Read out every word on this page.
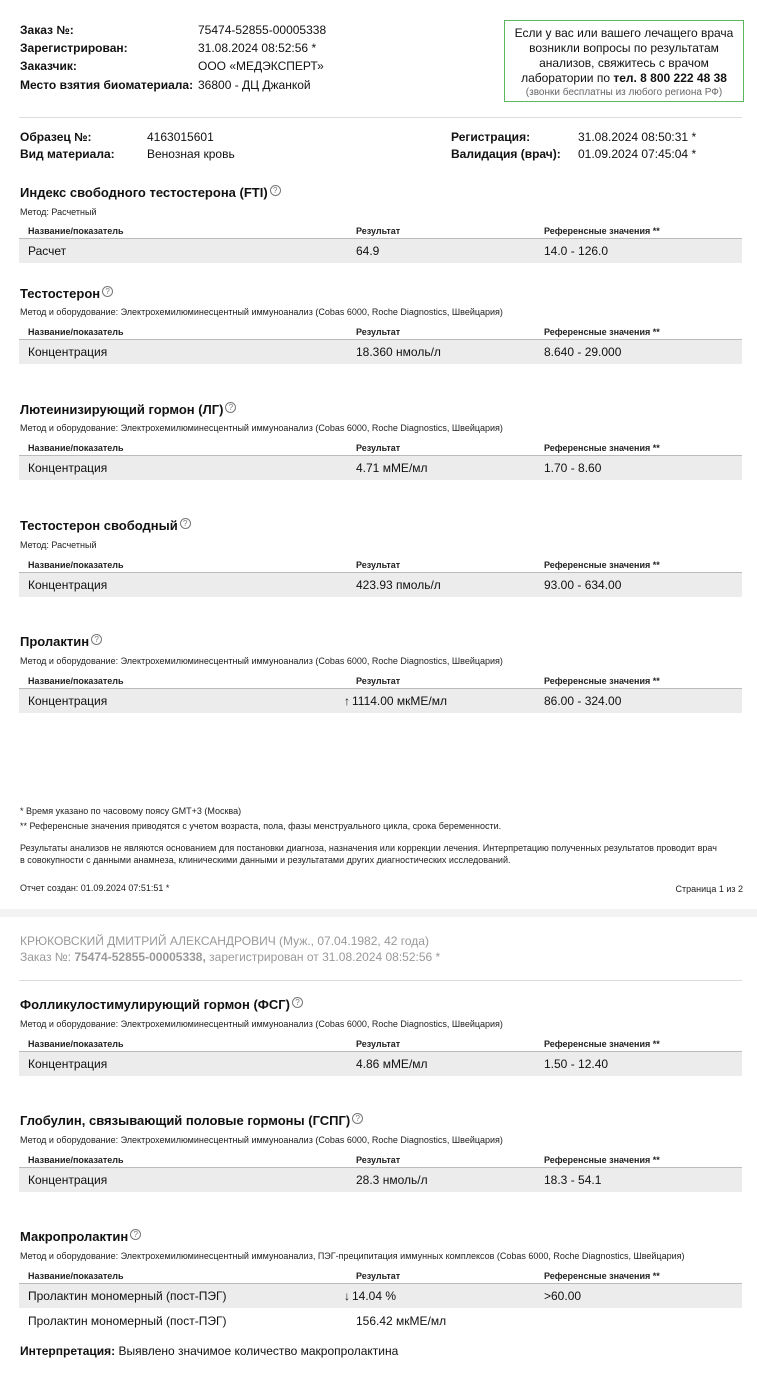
Заказ №:	75474-52855-00005338
Зарегистрирован:	31.08.2024 08:52:56 *
Заказчик:	ООО «МЕДЭКСПЕРТ»
Место взятия биоматериала: 36800 - ДЦ Джанкой
Если у вас или вашего лечащего врача
возникли вопросы по результатам
анализов, свяжитесь с врачом
лаборатории по тел. 8 800 222 48 38
(звонки бесплатны из любого региона РФ)
Образец №:	4163015601
Вид материала:	Венозная кровь
Регистрация:	31.08.2024 08:50:31 *
Валидация (врач): 01.09.2024 07:45:04 *
Индекс свободного тестостерона (FTI) ?
Метод: Расчетный
Название/показатель	Результат	Референсные значения **
Расчет	64.9	14.0 - 126.0
Тестостерон ?
Метод и оборудование: Электрохемилюминесцентный иммуноанализ (Cobas 6000, Roche Diagnostics, Швейцария)
Название/показатель	Результат	Референсные значения **
Концентрация	18.360 нмоль/л	8.640 - 29.000
Лютеинизирующий гормон (ЛГ) ?
Метод и оборудование: Электрохемилюминесцентный иммуноанализ (Cobas 6000, Roche Diagnostics, Швейцария)
Название/показатель	Результат	Референсные значения **
Концентрация	4.71 мМЕ/мл	1.70 - 8.60
Тестостерон свободный ?
Метод: Расчетный
Название/показатель	Результат	Референсные значения **
Концентрация	423.93 пмоль/л	93.00 - 634.00
Пролактин ?
Метод и оборудование: Электрохемилюминесцентный иммуноанализ (Cobas 6000, Roche Diagnostics, Швейцария)
Название/показатель	Результат	Референсные значения **
Концентрация	↑ 1114.00 мкМЕ/мл	86.00 - 324.00
* Время указано по часовому поясу GMT+3 (Москва)
** Референсные значения приводятся с учетом возраста, пола, фазы менструального цикла, срока беременности.
Результаты анализов не являются основанием для постановки диагноза, назначения или коррекции лечения. Интерпретацию полученных результатов проводит врач
в совокупности с данными анамнеза, клиническими данными и результатами других диагностических исследований.
Отчет создан: 01.09.2024 07:51:51 *	Страница 1 из 2
КРЮКОВСКИЙ ДМИТРИЙ АЛЕКСАНДРОВИЧ (Муж., 07.04.1982, 42 года)
Заказ №: 75474-52855-00005338, зарегистрирован от 31.08.2024 08:52:56 *
Фолликулостимулирующий гормон (ФСГ) ?
Метод и оборудование: Электрохемилюминесцентный иммуноанализ (Cobas 6000, Roche Diagnostics, Швейцария)
Название/показатель	Результат	Референсные значения **
Концентрация	4.86 мМЕ/мл	1.50 - 12.40
Глобулин, связывающий половые гормоны (ГСПГ) ?
Метод и оборудование: Электрохемилюминесцентный иммуноанализ (Cobas 6000, Roche Diagnostics, Швейцария)
Название/показатель	Результат	Референсные значения **
Концентрация	28.3 нмоль/л	18.3 - 54.1
Макропролактин ?
Метод и оборудование: Электрохемилюминесцентный иммуноанализ, ПЭГ-преципитация иммунных комплексов (Cobas 6000, Roche Diagnostics, Швейцария)
Название/показатель	Результат	Референсные значения **
Пролактин мономерный (пост-ПЭГ)	↓ 14.04 %	>60.00
Пролактин мономерный (пост-ПЭГ)	156.42 мкМЕ/мл
Интерпретация: Выявлено значимое количество макропролактина
